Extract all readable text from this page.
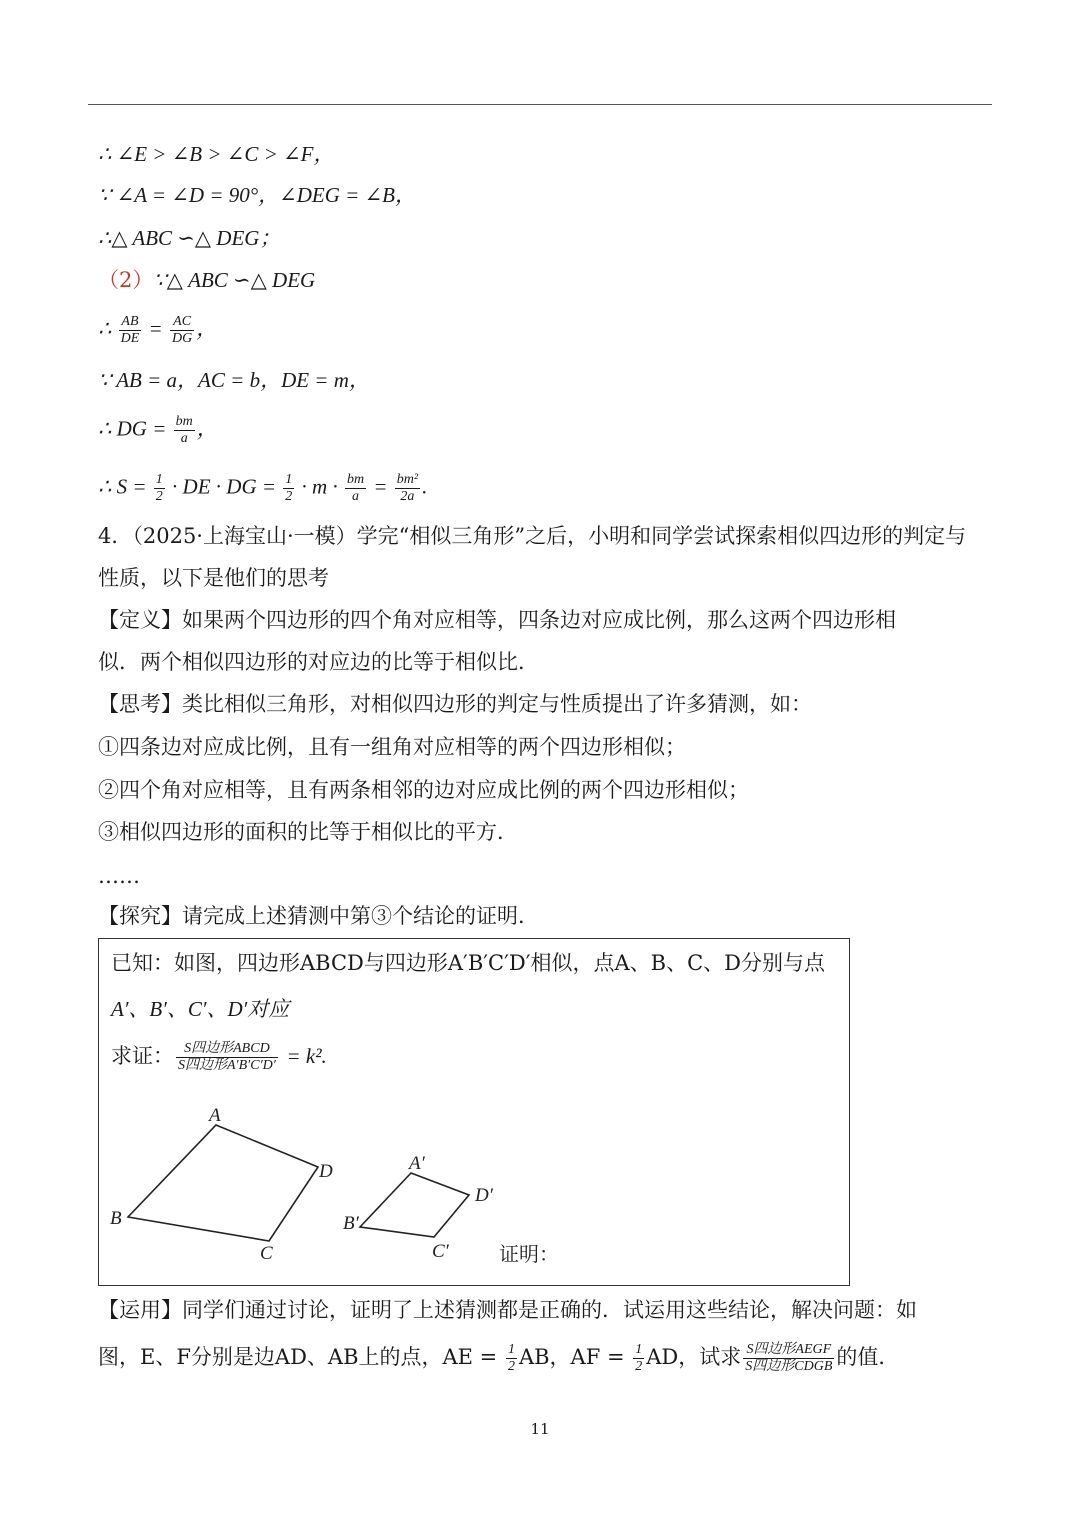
∴ ∠E > ∠B > ∠C > ∠F，
∵ ∠A = ∠D = 90°，∠DEG = ∠B，
∴△ ABC ∽△ DEG；
（2）∵△ ABC ∽△ DEG
∴ $\frac{AB}{DE} = \frac{AC}{DG}$ ，
∵ AB = a，AC = b，DE = m，
∴ DG = $\frac{bm}{a}$ ，
∴ $S = \frac{1}{2}$ · DE · DG = $\frac{1}{2} \cdot m \cdot \frac{bm}{a} = \frac{\text{bm²}}{2a}$ .
4．（2025·上海宝山·一模）学完“相似三角形”之后，小明和同学尝试探索相似四边形的判定与
性质，以下是他们的思考
【定义】如果两个四边形的四个角对应相等，四条边对应成比例，那么这两个四边形相
似．两个相似四边形的对应边的比等于相似比．
【思考】类比相似三角形，对相似四边形的判定与性质提出了许多猜测，如：
①四条边对应成比例，且有一组角对应相等的两个四边形相似；
②四个角对应相等，且有两条相邻的边对应成比例的两个四边形相似；
③相似四边形的面积的比等于相似比的平方．
……
【探究】请完成上述猜测中第③个结论的证明．
已知：如图，四边形ABCD与四边形A′B′C′D′相似，点A、B、C、D分别与点
A′、B′、C′、D′对应
求证： $\frac{\text{S四边形ABCD}}{\text{S四边形A′B′C′D′}} = k^2$.
A
D
B
C
A′
D′
B′
C′	证明：
【运用】同学们通过讨论，证明了上述猜测都是正确的．试运用这些结论，解决问题：如
图，E、F分别是边AD、AB上的点，AE = $\frac{1}{2}$ AB，AF = $\frac{1}{2}$ AD，试求 $\frac{\text{S四边形AEGF}}{\text{S四边形CDGB}}$ 的值．
11
